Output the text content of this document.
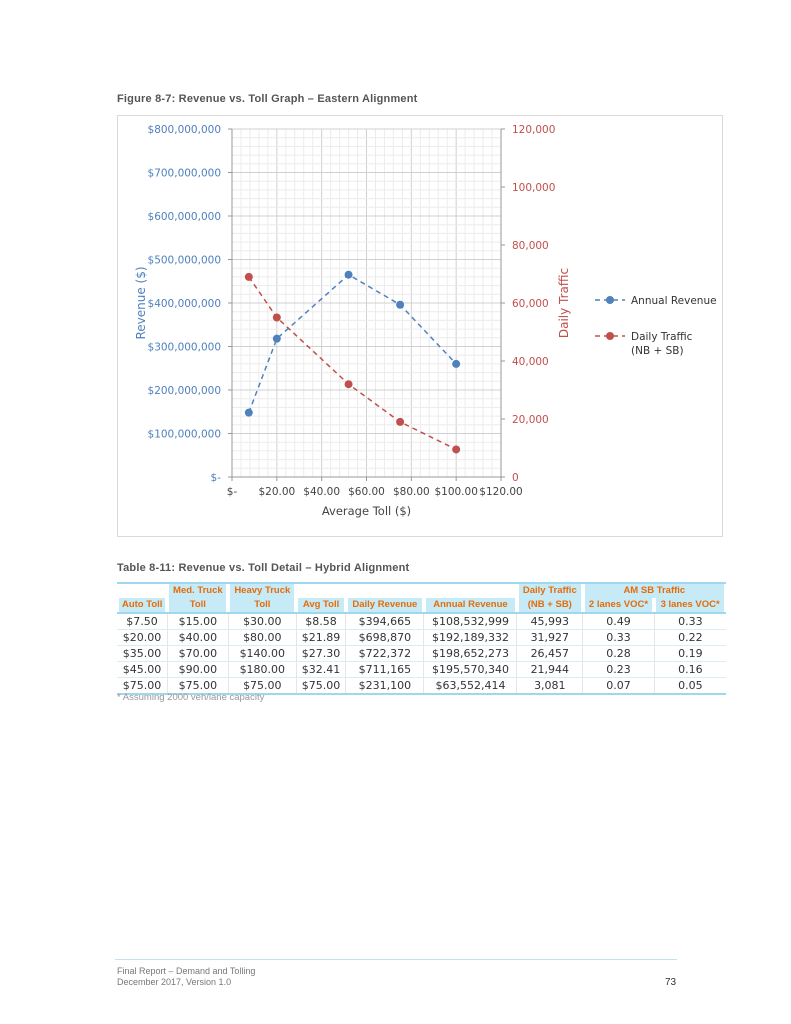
Figure 8-7: Revenue vs. Toll Graph – Eastern Alignment
$-
$100,000,000
$200,000,000
$300,000,000
$400,000,000
$500,000,000
$600,000,000
$700,000,000
$800,000,000
0
20,000
40,000
60,000
80,000
100,000
120,000
$- $20.00 $40.00 $60.00 $80.00 $100.00 $120.00
Average Toll ($)
Revenue ($)	Daily Traffic	Annual Revenue
Daily Traffic
(NB + SB)
Table 8-11: Revenue vs. Toll Detail – Hybrid Alignment
	Med. Truck	Heavy Truck				Daily Traffic	AM SB Traffic	
Auto Toll	Toll	Toll	Avg Toll	Daily Revenue	Annual Revenue	(NB + SB)	2 lanes VOC*	3 lanes VOC*
$7.50	$15.00	$30.00	$8.58	$394,665	$108,532,999	45,993	0.49	0.33
$20.00	$40.00	$80.00	$21.89	$698,870	$192,189,332	31,927	0.33	0.22
$35.00	$70.00	$140.00	$27.30	$722,372	$198,652,273	26,457	0.28	0.19
$45.00	$90.00	$180.00	$32.41	$711,165	$195,570,340	21,944	0.23	0.16
$75.00	$75.00	$75.00	$75.00	$231,100	$63,552,414	3,081	0.07	0.05
* Assuming 2000 veh/lane capacity
Final Report – Demand and Tolling
December 2017, Version 1.0	73
